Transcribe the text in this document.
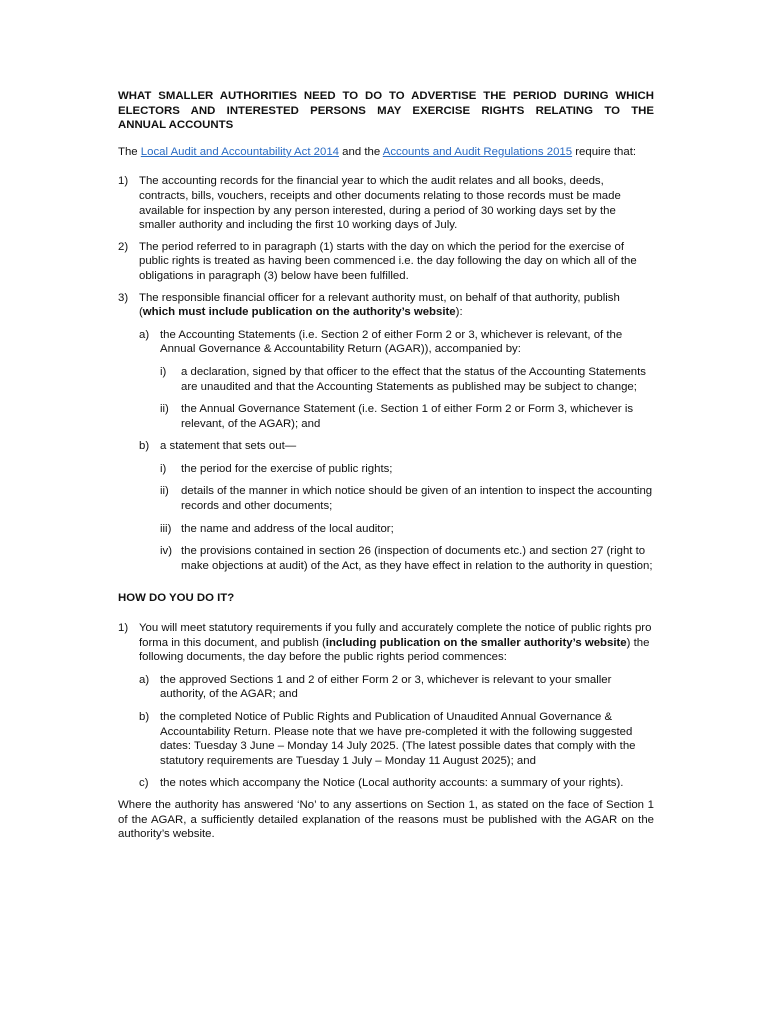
WHAT SMALLER AUTHORITIES NEED TO DO TO ADVERTISE THE PERIOD DURING WHICH
ELECTORS AND INTERESTED PERSONS MAY EXERCISE RIGHTS RELATING TO THE
ANNUAL ACCOUNTS

The Local Audit and Accountability Act 2014 and the Accounts and Audit Regulations 2015 require that:

1) The accounting records for the financial year to which the audit relates and all books, deeds, contracts, bills, vouchers, receipts and other documents relating to those records must be made available for inspection by any person interested, during a period of 30 working days set by the smaller authority and including the first 10 working days of July.

2) The period referred to in paragraph (1) starts with the day on which the period for the exercise of public rights is treated as having been commenced i.e. the day following the day on which all of the obligations in paragraph (3) below have been fulfilled.

3) The responsible financial officer for a relevant authority must, on behalf of that authority, publish (which must include publication on the authority’s website):

a) the Accounting Statements (i.e. Section 2 of either Form 2 or 3, whichever is relevant, of the Annual Governance & Accountability Return (AGAR)), accompanied by:

i) a declaration, signed by that officer to the effect that the status of the Accounting Statements are unaudited and that the Accounting Statements as published may be subject to change;

ii) the Annual Governance Statement (i.e. Section 1 of either Form 2 or Form 3, whichever is relevant, of the AGAR); and

b) a statement that sets out—

i) the period for the exercise of public rights;

ii) details of the manner in which notice should be given of an intention to inspect the accounting records and other documents;

iii) the name and address of the local auditor;

iv) the provisions contained in section 26 (inspection of documents etc.) and section 27 (right to make objections at audit) of the Act, as they have effect in relation to the authority in question;

HOW DO YOU DO IT?

1) You will meet statutory requirements if you fully and accurately complete the notice of public rights pro forma in this document, and publish (including publication on the smaller authority’s website) the following documents, the day before the public rights period commences:

a) the approved Sections 1 and 2 of either Form 2 or 3, whichever is relevant to your smaller authority, of the AGAR; and

b) the completed Notice of Public Rights and Publication of Unaudited Annual Governance & Accountability Return. Please note that we have pre-completed it with the following suggested dates: Tuesday 3 June – Monday 14 July 2025. (The latest possible dates that comply with the statutory requirements are Tuesday 1 July – Monday 11 August 2025); and

c) the notes which accompany the Notice (Local authority accounts: a summary of your rights).

Where the authority has answered ‘No’ to any assertions on Section 1, as stated on the face of Section 1 of the AGAR, a sufficiently detailed explanation of the reasons must be published with the AGAR on the authority’s website.
